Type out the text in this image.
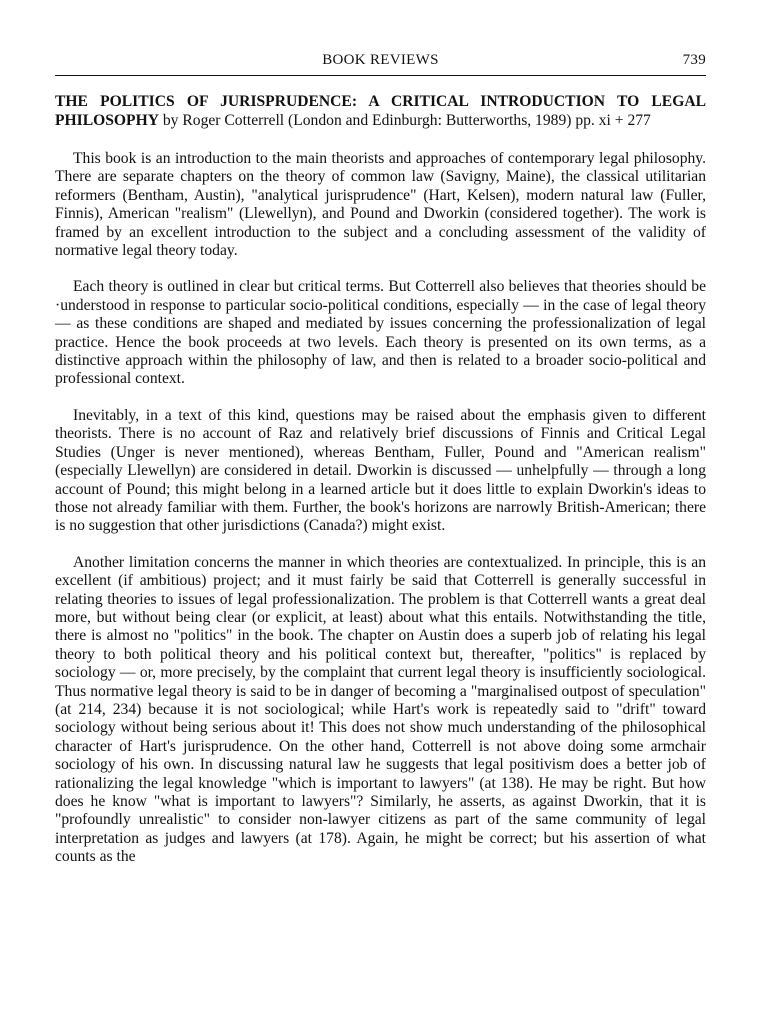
BOOK REVIEWS	739
THE POLITICS OF JURISPRUDENCE: A CRITICAL INTRODUCTION TO LEGAL PHILOSOPHY by Roger Cotterrell (London and Edinburgh: Butterworths, 1989) pp. xi + 277

This book is an introduction to the main theorists and approaches of contemporary legal philosophy. There are separate chapters on the theory of common law (Savigny, Maine), the classical utilitarian reformers (Bentham, Austin), "analytical jurisprudence" (Hart, Kelsen), modern natural law (Fuller, Finnis), American "realism" (Llewellyn), and Pound and Dworkin (considered together). The work is framed by an excellent introduction to the subject and a concluding assessment of the validity of normative legal theory today.

Each theory is outlined in clear but critical terms. But Cotterrell also believes that theories should be ·understood in response to particular socio-political conditions, especially — in the case of legal theory — as these conditions are shaped and mediated by issues concerning the professionalization of legal practice. Hence the book proceeds at two levels. Each theory is presented on its own terms, as a distinctive approach within the philosophy of law, and then is related to a broader socio-political and professional context.

Inevitably, in a text of this kind, questions may be raised about the emphasis given to different theorists. There is no account of Raz and relatively brief discussions of Finnis and Critical Legal Studies (Unger is never mentioned), whereas Bentham, Fuller, Pound and "American realism" (especially Llewellyn) are considered in detail. Dworkin is discussed — unhelpfully — through a long account of Pound; this might belong in a learned article but it does little to explain Dworkin's ideas to those not already familiar with them. Further, the book's horizons are narrowly British-American; there is no suggestion that other jurisdictions (Canada?) might exist.

Another limitation concerns the manner in which theories are contextualized. In principle, this is an excellent (if ambitious) project; and it must fairly be said that Cotterrell is generally successful in relating theories to issues of legal professionalization. The problem is that Cotterrell wants a great deal more, but without being clear (or explicit, at least) about what this entails. Notwithstanding the title, there is almost no "politics" in the book. The chapter on Austin does a superb job of relating his legal theory to both political theory and his political context but, thereafter, "politics" is replaced by sociology — or, more precisely, by the complaint that current legal theory is insufficiently sociological. Thus normative legal theory is said to be in danger of becoming a "marginalised outpost of speculation" (at 214, 234) because it is not sociological; while Hart's work is repeatedly said to "drift" toward sociology without being serious about it! This does not show much understanding of the philosophical character of Hart's jurisprudence. On the other hand, Cotterrell is not above doing some armchair sociology of his own. In discussing natural law he suggests that legal positivism does a better job of rationalizing the legal knowledge "which is important to lawyers" (at 138). He may be right. But how does he know "what is important to lawyers"? Similarly, he asserts, as against Dworkin, that it is "profoundly unrealistic" to consider non-lawyer citizens as part of the same community of legal interpretation as judges and lawyers (at 178). Again, he might be correct; but his assertion of what counts as the
